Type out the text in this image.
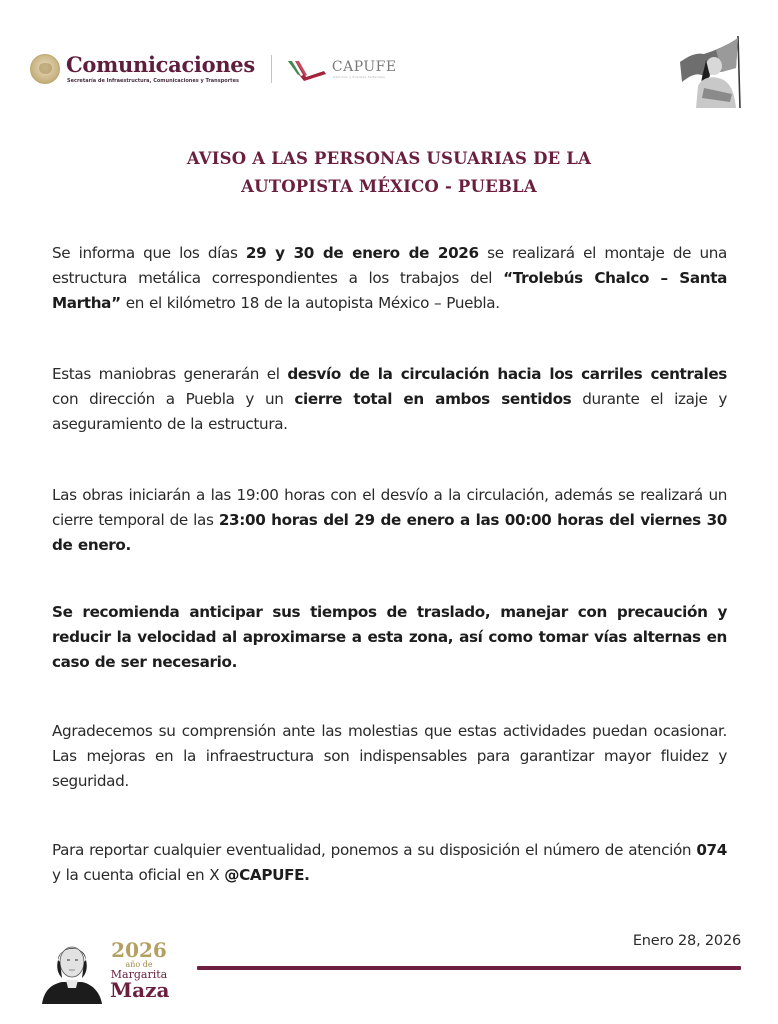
Comunicaciones
Secretaría de Infraestructura, Comunicaciones y Transportes
CAPUFE
Caminos y Puentes Federales
AVISO A LAS PERSONAS USUARIAS DE LA
AUTOPISTA MÉXICO - PUEBLA

Se informa que los días 29 y 30 de enero de 2026 se realizará el montaje de una estructura metálica correspondientes a los trabajos del “Trolebús Chalco – Santa Martha” en el kilómetro 18 de la autopista México – Puebla.

Estas maniobras generarán el desvío de la circulación hacia los carriles centrales con dirección a Puebla y un cierre total en ambos sentidos durante el izaje y aseguramiento de la estructura.

Las obras iniciarán a las 19:00 horas con el desvío a la circulación, además se realizará un cierre temporal de las 23:00 horas del 29 de enero a las 00:00 horas del viernes 30 de enero.

Se recomienda anticipar sus tiempos de traslado, manejar con precaución y reducir la velocidad al aproximarse a esta zona, así como tomar vías alternas en caso de ser necesario.

Agradecemos su comprensión ante las molestias que estas actividades puedan ocasionar. Las mejoras en la infraestructura son indispensables para garantizar mayor fluidez y seguridad.

Para reportar cualquier eventualidad, ponemos a su disposición el número de atención 074 y la cuenta oficial en X @CAPUFE.

2026
año de
Margarita
Maza
Enero 28, 2026
